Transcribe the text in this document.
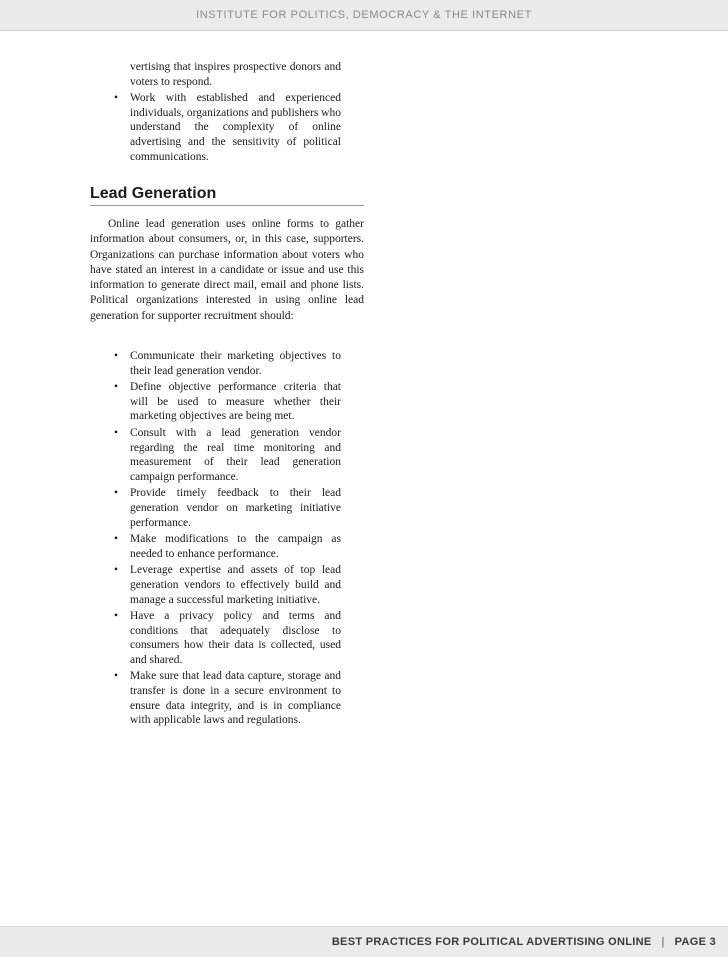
INSTITUTE FOR POLITICS, DEMOCRACY & THE INTERNET

vertising that inspires prospective donors and voters to respond.

• Work with established and experienced individuals, organizations and publishers who understand the complexity of online advertising and the sensitivity of political communications.
Lead Generation

Online lead generation uses online forms to gather information about consumers, or, in this case, supporters. Organizations can purchase information about voters who have stated an interest in a candidate or issue and use this information to generate direct mail, email and phone lists. Political organizations interested in using online lead generation for supporter recruitment should:

• Communicate their marketing objectives to their lead generation vendor.
• Define objective performance criteria that will be used to measure whether their marketing objectives are being met.
• Consult with a lead generation vendor regarding the real time monitoring and measurement of their lead generation campaign performance.
• Provide timely feedback to their lead generation vendor on marketing initiative performance.
• Make modifications to the campaign as needed to enhance performance.
• Leverage expertise and assets of top lead generation vendors to effectively build and manage a successful marketing initiative.
• Have a privacy policy and terms and conditions that adequately disclose to consumers how their data is collected, used and shared.
• Make sure that lead data capture, storage and transfer is done in a secure environment to ensure data integrity, and is in compliance with applicable laws and regulations.
BEST PRACTICES FOR POLITICAL ADVERTISING ONLINE | PAGE 3
